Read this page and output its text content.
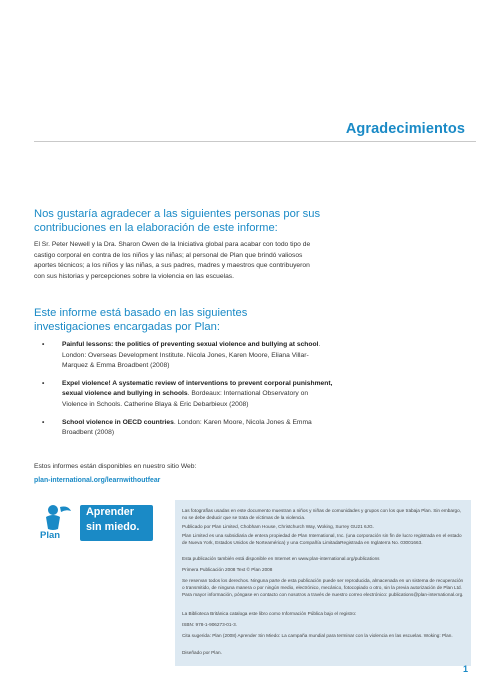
Agradecimientos
Nos gustaría agradecer a las siguientes personas por sus contribuciones en la elaboración de este informe:
El Sr. Peter Newell y la Dra. Sharon Owen de la Iniciativa global para acabar con todo tipo de castigo corporal en contra de los niños y las niñas; al personal de Plan que brindó valiosos aportes técnicos; a los niños y las niñas, a sus padres, madres y maestros que contribuyeron con sus historias y percepciones sobre la violencia en las escuelas.
Este informe está basado en las siguientes investigaciones encargadas por Plan:
•	Painful lessons: the politics of preventing sexual violence and bullying at school. London: Overseas Development Institute. Nicola Jones, Karen Moore, Eliana Villar-Marquez & Emma Broadbent (2008)
•	Expel violence! A systematic review of interventions to prevent corporal punishment, sexual violence and bullying in schools. Bordeaux: International Observatory on Violence in Schools. Catherine Blaya & Eric Debarbieux (2008)
•	School violence in OECD countries. London: Karen Moore, Nicola Jones & Emma Broadbent (2008)
Estos informes están disponibles en nuestro sitio Web:
plan-international.org/learnwithoutfear
Plan
Aprender
sin miedo.

Las fotografías usadas en este documento muestran a niños y niñas de comunidades y grupos con los que trabaja Plan. Sin embargo, no se debe deducir que se trata de víctimas de la violencia.

Publicado por Plan Limited, Chobham House, Christchurch Way, Woking, Surrey GU21 6JG.

Plan Limited es una subsidiaria de entera propiedad de Plan International, Inc. (una corporación sin fin de lucro registrada en el estado de Nueva York, Estados Unidos de Norteamérica) y una Compañía LimitadaRegistrada en Inglaterra No. 03001663.

Esta publicación también está disponible en Internet en www.plan-international.org/publications

Primera Publicación 2008 Text © Plan 2008

Se reservan todos los derechos. Ninguna parte de esta publicación puede ser reproducida, almacenada en un sistema de recuperación o transmitido, de ninguna manera o por ningún medio, electrónico, mecánico, fotocopiado o otro, sin la previa autorización de Plan Ltd. Para mayor información, póngase en contacto con nosotros a través de nuestro correo electrónico: publications@plan-international.org.

La Biblioteca Británica cataloga este libro como Información Pública bajo el registro:

ISBN: 978-1-906273-01-3.

Cita sugerida: Plan (2008) Aprender Sin Miedo: La campaña mundial para terminar con la violencia en las escuelas. Woking: Plan.

Diseñado por Plan.

1
